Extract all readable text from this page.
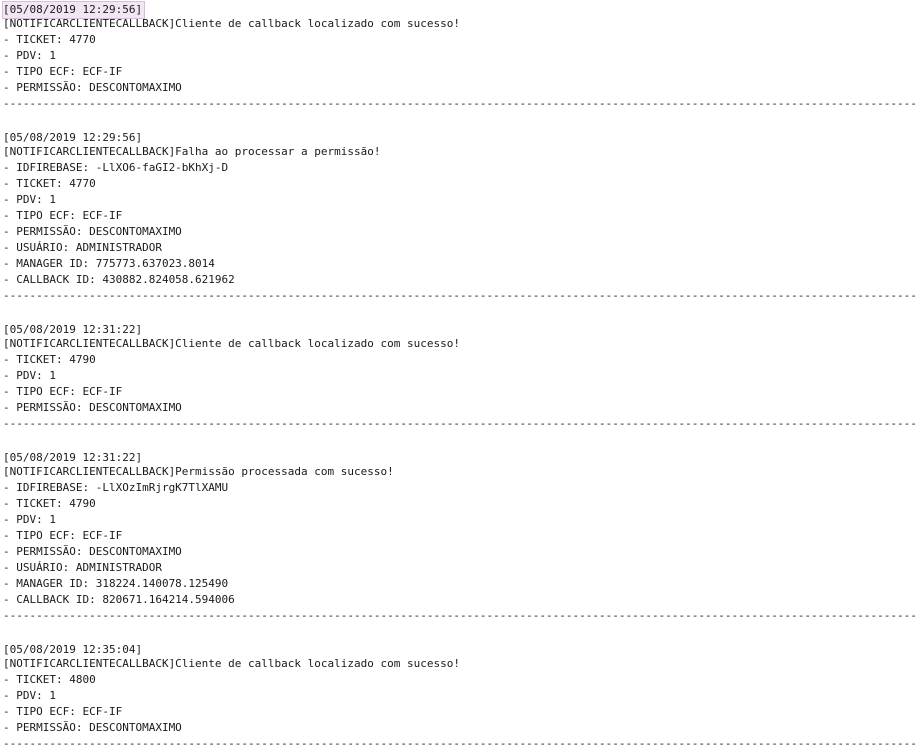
[05/08/2019 12:29:56]
[NOTIFICARCLIENTECALLBACK]Cliente de callback localizado com sucesso!
- TICKET: 4770
- PDV: 1
- TIPO ECF: ECF-IF
- PERMISSÃO: DESCONTOMAXIMO
------------------------------------------------------------------------------------------------------------------------------------------
[05/08/2019 12:29:56]
[NOTIFICARCLIENTECALLBACK]Falha ao processar a permissão!
- IDFIREBASE: -LlXO6-faGI2-bKhXj-D
- TICKET: 4770
- PDV: 1
- TIPO ECF: ECF-IF
- PERMISSÃO: DESCONTOMAXIMO
- USUÁRIO: ADMINISTRADOR
- MANAGER ID: 775773.637023.8014
- CALLBACK ID: 430882.824058.621962
------------------------------------------------------------------------------------------------------------------------------------------
[05/08/2019 12:31:22]
[NOTIFICARCLIENTECALLBACK]Cliente de callback localizado com sucesso!
- TICKET: 4790
- PDV: 1
- TIPO ECF: ECF-IF
- PERMISSÃO: DESCONTOMAXIMO
------------------------------------------------------------------------------------------------------------------------------------------
[05/08/2019 12:31:22]
[NOTIFICARCLIENTECALLBACK]Permissão processada com sucesso!
- IDFIREBASE: -LlXOzImRjrgK7TlXAMU
- TICKET: 4790
- PDV: 1
- TIPO ECF: ECF-IF
- PERMISSÃO: DESCONTOMAXIMO
- USUÁRIO: ADMINISTRADOR
- MANAGER ID: 318224.140078.125490
- CALLBACK ID: 820671.164214.594006
------------------------------------------------------------------------------------------------------------------------------------------
[05/08/2019 12:35:04]
[NOTIFICARCLIENTECALLBACK]Cliente de callback localizado com sucesso!
- TICKET: 4800
- PDV: 1
- TIPO ECF: ECF-IF
- PERMISSÃO: DESCONTOMAXIMO
------------------------------------------------------------------------------------------------------------------------------------------
